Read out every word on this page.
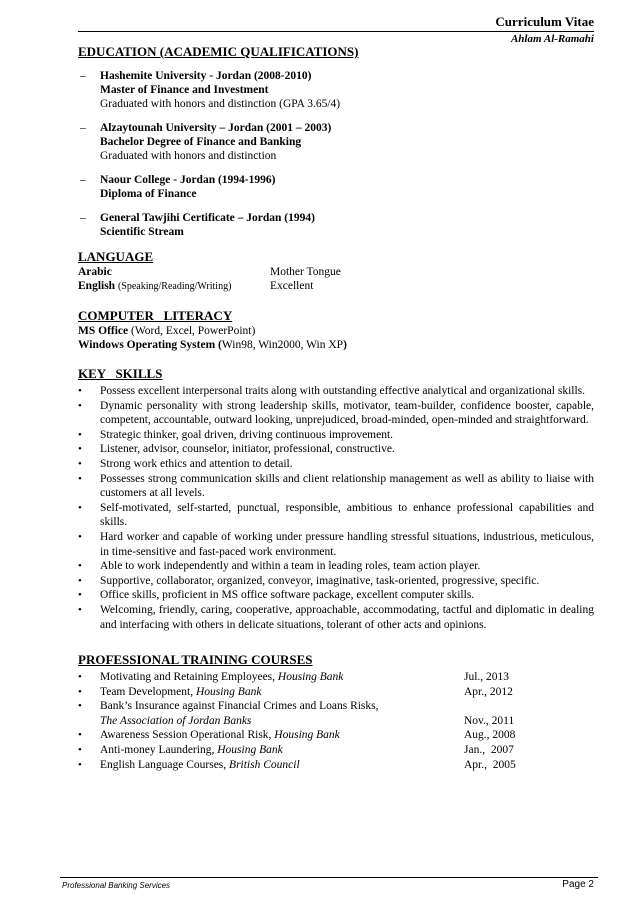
Curriculum Vitae
Ahlam Al-Ramahi
EDUCATION (ACADEMIC QUALIFICATIONS)
– Hashemite University - Jordan (2008-2010)
Master of Finance and Investment
Graduated with honors and distinction (GPA 3.65/4)
– Alzaytounah University – Jordan (2001 – 2003)
Bachelor Degree of Finance and Banking
Graduated with honors and distinction
– Naour College - Jordan (1994-1996)
Diploma of Finance
– General Tawjihi Certificate – Jordan (1994)
Scientific Stream
LANGUAGE
Arabic	Mother Tongue
English (Speaking/Reading/Writing)	Excellent
COMPUTER   LITERACY
MS Office (Word, Excel, PowerPoint)
Windows Operating System (Win98, Win2000, Win XP)
KEY   SKILLS
• Possess excellent interpersonal traits along with outstanding effective analytical and organizational skills.
• Dynamic personality with strong leadership skills, motivator, team-builder, confidence booster, capable, competent, accountable, outward looking, unprejudiced, broad-minded, open-minded and straightforward.
• Strategic thinker, goal driven, driving continuous improvement.
• Listener, advisor, counselor, initiator, professional, constructive.
• Strong work ethics and attention to detail.
• Possesses strong communication skills and client relationship management as well as ability to liaise with customers at all levels.
• Self-motivated, self-started, punctual, responsible, ambitious to enhance professional capabilities and skills.
• Hard worker and capable of working under pressure handling stressful situations, industrious, meticulous, in time-sensitive and fast-paced work environment.
• Able to work independently and within a team in leading roles, team action player.
• Supportive, collaborator, organized, conveyor, imaginative, task-oriented, progressive, specific.
• Office skills, proficient in MS office software package, excellent computer skills.
• Welcoming, friendly, caring, cooperative, approachable, accommodating, tactful and diplomatic in dealing and interfacing with others in delicate situations, tolerant of other acts and opinions.
PROFESSIONAL TRAINING COURSES
• Motivating and Retaining Employees, Housing Bank	Jul., 2013
• Team Development, Housing Bank	Apr., 2012
• Bank’s Insurance against Financial Crimes and Loans Risks,
The Association of Jordan Banks	Nov., 2011
• Awareness Session Operational Risk, Housing Bank	Aug., 2008
• Anti-money Laundering, Housing Bank	Jan.,  2007
• English Language Courses, British Council	Apr.,  2005
Professional Banking Services	Page 2
